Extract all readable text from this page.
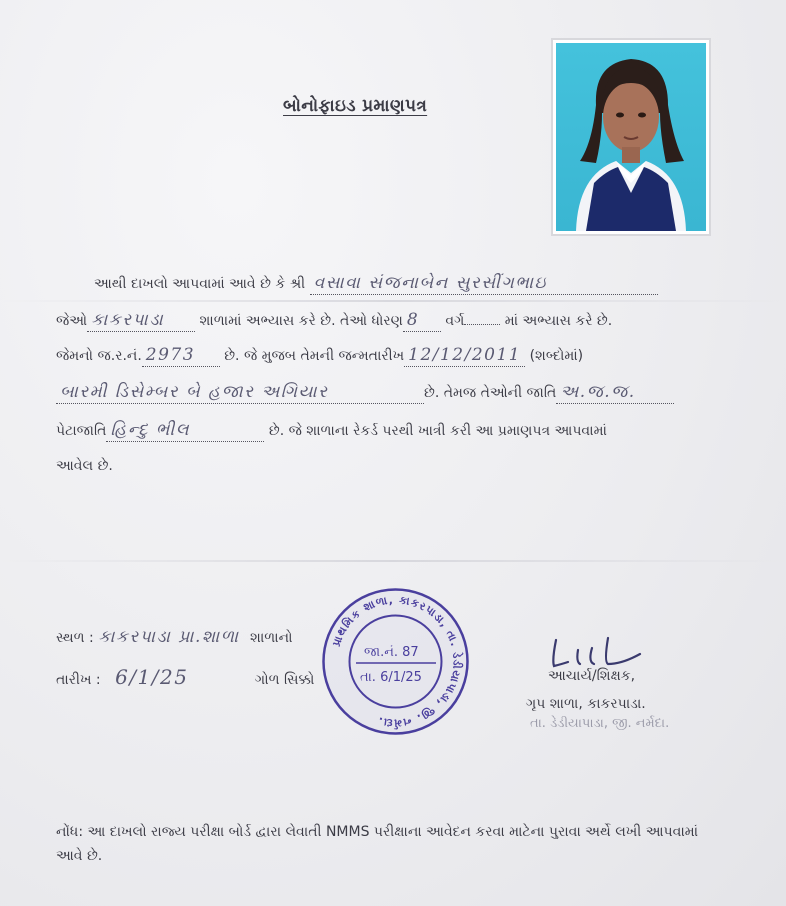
બોનોફાઇડ પ્રમાણપત્ર
આથી દાખલો આપવામાં આવે છે કે શ્રી વસાવા સંજનાબેન સુરસીંગભાઇ
જેઓ કાકરપાડા	શાળામાં અભ્યાસ કરે છે. તેઓ ધોરણ 8 વર્ગ	માં અભ્યાસ કરે છે.
જેમનો જ.ર.નં. 2973 છે. જે મુજબ તેમની જન્મતારીખ 12/12/2011 (શબ્દોમાં)
બારમી ડિસેમ્બર બે હજાર અગિયાર	છે. તેમજ તેઓની જાતિ અ.જ.જ.
પેટાજાતિ હિન્દુ ભીલ	છે. જે શાળાના રેકર્ડ પરથી ખાત્રી કરી આ પ્રમાણપત્ર આપવામાં
આવેલ છે.
સ્થળ : કાકરપાડા પ્રા.શાળા શાળાનો
તારીખ : 6/1/25	ગોળ સિક્કો
પ્રાથમિક શાળા, કાકરપાડા, તા. ડેડીયાપાડા, જી. નર્મદા.
જા.નં. 87
તા. 6/1/25	આચાર્ય/શિક્ષક,
ગૃપ શાળા, કાકરપાડા.
તા. ડેડીયાપાડા, જી. નર્મદા.
નોંધ: આ દાખલો રાજ્ય પરીક્ષા બોર્ડ દ્વારા લેવાતી NMMS પરીક્ષાના આવેદન કરવા માટેના પુરાવા અર્થે લખી આપવામાં આવે છે.
